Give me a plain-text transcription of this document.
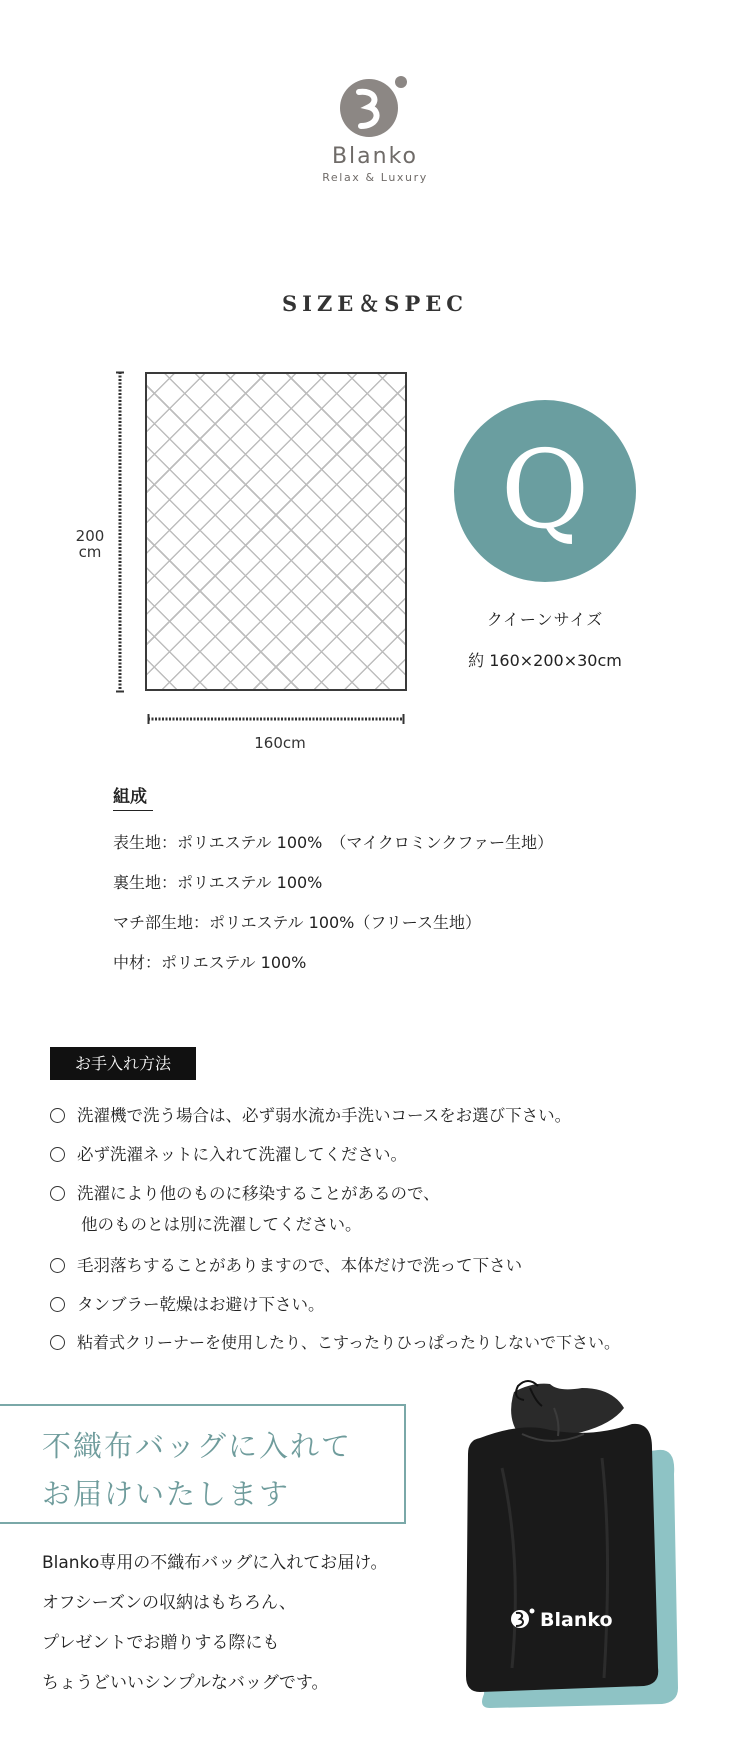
Blanko
Relax & Luxury
SIZE＆SPEC
200
cm
160cm
Q
クイーンサイズ
約 160×200×30cm
組成
表生地：ポリエステル 100%　（マイクロミンクファー生地）
裏生地：ポリエステル 100%
マチ部生地：ポリエステル 100%（フリース生地）
中材：ポリエステル 100%
お手入れ方法
洗濯機で洗う場合は、必ず弱水流か手洗いコースをお選び下さい。
必ず洗濯ネットに入れて洗濯してください。
洗濯により他のものに移染することがあるので、
他のものとは別に洗濯してください。
毛羽落ちすることがありますので、本体だけで洗って下さい
タンブラー乾燥はお避け下さい。
粘着式クリーナーを使用したり、こすったりひっぱったりしないで下さい。
不織布バッグに入れて
お届けいたします
Blanko専用の不織布バッグに入れてお届け。
オフシーズンの収納はもちろん、
プレゼントでお贈りする際にも
ちょうどいいシンプルなバッグです。
Blanko
